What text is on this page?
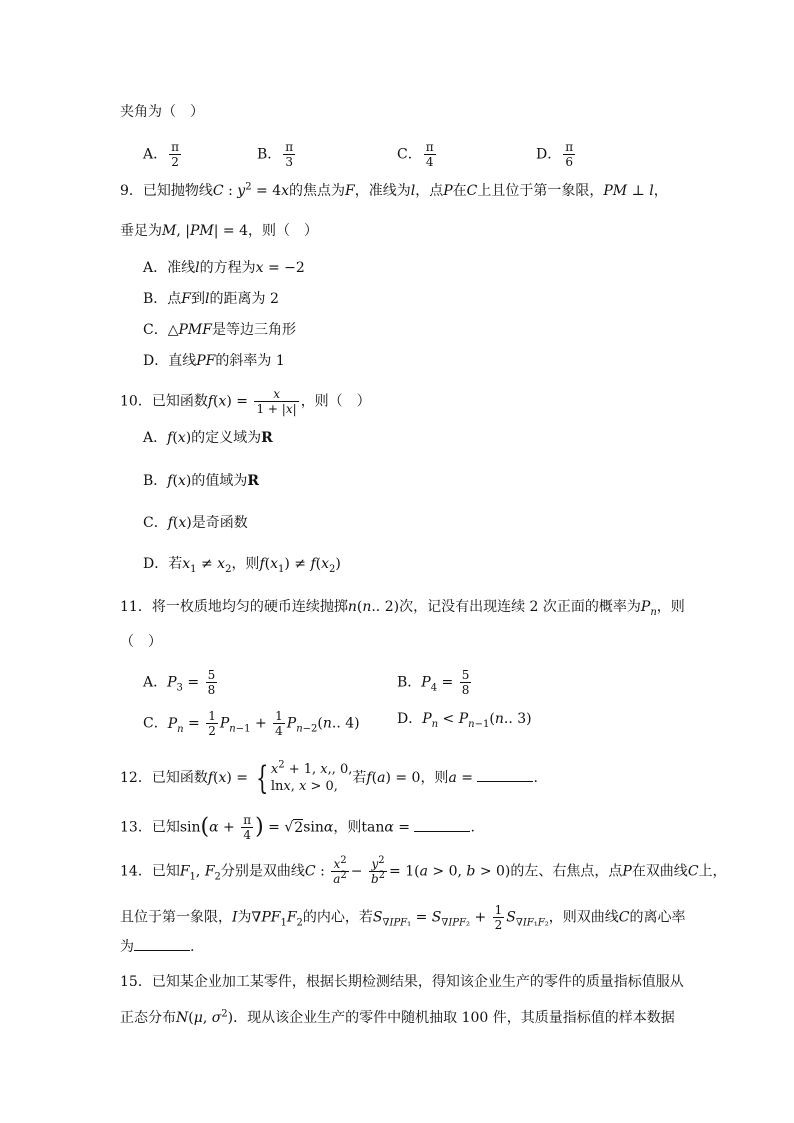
夹角为（　）
A． $\frac{\pi}{2}$	B． $\frac{\pi}{3}$	C． $\frac{\pi}{4}$	D． $\frac{\pi}{6}$
9．已知抛物线C : $y^2 = 4x$的焦点为F，准线为l，点P在C上且位于第一象限，PM ⊥ l，
垂足为M, |PM| = 4，则（　）
A．准线l的方程为x = −2
B．点F到l的距离为 2
C．△PMF是等边三角形
D．直线PF的斜率为 1
10．已知函数$f(x) = \frac{x}{1 + |x|}$ ，则（　）
A．f(x)的定义域为R
B．f(x)的值域为R
C．f(x)是奇函数
D．若$x_1 \ne x_2$，则$f(x_1) \ne f(x_2)$
11．将一枚质地均匀的硬币连续抛掷n(n.. 2)次，记没有出现连续 2 次正面的概率为$P_n$，则
（　）
A．$P_3 = \frac{5}{8}$	B．$P_4 = \frac{5}{8}$
C．$P_n = \frac{1}{2} P_{n-1} + \frac{1}{4} P_{n-2}(n$.. 4)	D．$P_n < P_{n-1}(n$.. 3)
12．已知函数f(x) = { $x^2 + 1$, x,, 0,
lnx, x > 0,
若f(a) = 0，则a =	.
13．已知$\sin(\alpha + \frac{\pi}{4}$ ) = √2sinα，则tanα =	.
14．已知$F_1$, $F_2$分别是双曲线C : $\frac{x^2}{a^2} - \frac{y^2}{b^2} = 1(a > 0$, b > 0)的左、右焦点，点P在双曲线C上，
且位于第一象限，I为$\nabla PF_1F_2$的内心，若$S_{\nabla IPF_1} = S_{\nabla IPF_2} + \frac{1}{2} S_{\nabla IF_1F_2}$，则双曲线C的离心率
为	.
15．已知某企业加工某零件，根据长期检测结果，得知该企业生产的零件的质量指标值服从
正态分布N(μ, $\sigma^2$)．现从该企业生产的零件中随机抽取 100 件，其质量指标值的样本数据
